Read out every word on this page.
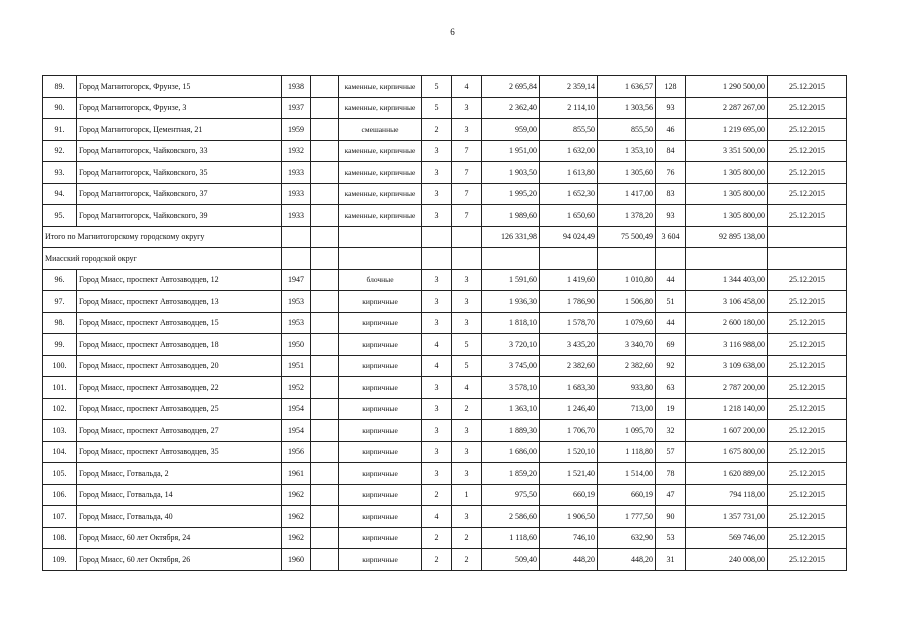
6
89.	Город Магнитогорск, Фрунзе, 15	1938		каменные, кирпичные	5	4	2 695,84	2 359,14	1 636,57	128	1 290 500,00	25.12.2015
90.	Город Магнитогорск, Фрунзе, 3	1937		каменные, кирпичные	5	3	2 362,40	2 114,10	1 303,56	93	2 287 267,00	25.12.2015
91.	Город Магнитогорск, Цементная, 21	1959		смешанные	2	3	959,00	855,50	855,50	46	1 219 695,00	25.12.2015
92.	Город Магнитогорск, Чайковского, 33	1932		каменные, кирпичные	3	7	1 951,00	1 632,00	1 353,10	84	3 351 500,00	25.12.2015
93.	Город Магнитогорск, Чайковского, 35	1933		каменные, кирпичные	3	7	1 903,50	1 613,80	1 305,60	76	1 305 800,00	25.12.2015
94.	Город Магнитогорск, Чайковского, 37	1933		каменные, кирпичные	3	7	1 995,20	1 652,30	1 417,00	83	1 305 800,00	25.12.2015
95.	Город Магнитогорск, Чайковского, 39	1933		каменные, кирпичные	3	7	1 989,60	1 650,60	1 378,20	93	1 305 800,00	25.12.2015
Итого по Магнитогорскому городскому округу							126 331,98	94 024,49	75 500,49	3 604	92 895 138,00	
Миасский городской округ												
96.	Город Миасс, проспект Автозаводцев, 12	1947		блочные	3	3	1 591,60	1 419,60	1 010,80	44	1 344 403,00	25.12.2015
97.	Город Миасс, проспект Автозаводцев, 13	1953		кирпичные	3	3	1 936,30	1 786,90	1 506,80	51	3 106 458,00	25.12.2015
98.	Город Миасс, проспект Автозаводцев, 15	1953		кирпичные	3	3	1 818,10	1 578,70	1 079,60	44	2 600 180,00	25.12.2015
99.	Город Миасс, проспект Автозаводцев, 18	1950		кирпичные	4	5	3 720,10	3 435,20	3 340,70	69	3 116 988,00	25.12.2015
100.	Город Миасс, проспект Автозаводцев, 20	1951		кирпичные	4	5	3 745,00	2 382,60	2 382,60	92	3 109 638,00	25.12.2015
101.	Город Миасс, проспект Автозаводцев, 22	1952		кирпичные	3	4	3 578,10	1 683,30	933,80	63	2 787 200,00	25.12.2015
102.	Город Миасс, проспект Автозаводцев, 25	1954		кирпичные	3	2	1 363,10	1 246,40	713,00	19	1 218 140,00	25.12.2015
103.	Город Миасс, проспект Автозаводцев, 27	1954		кирпичные	3	3	1 889,30	1 706,70	1 095,70	32	1 607 200,00	25.12.2015
104.	Город Миасс, проспект Автозаводцев, 35	1956		кирпичные	3	3	1 686,00	1 520,10	1 118,80	57	1 675 800,00	25.12.2015
105.	Город Миасс, Готвальда, 2	1961		кирпичные	3	3	1 859,20	1 521,40	1 514,00	78	1 620 889,00	25.12.2015
106.	Город Миасс, Готвальда, 14	1962		кирпичные	2	1	975,50	660,19	660,19	47	794 118,00	25.12.2015
107.	Город Миасс, Готвальда, 40	1962		кирпичные	4	3	2 586,60	1 906,50	1 777,50	90	1 357 731,00	25.12.2015
108.	Город Миасс, 60 лет Октября, 24	1962		кирпичные	2	2	1 118,60	746,10	632,90	53	569 746,00	25.12.2015
109.	Город Миасс, 60 лет Октября, 26	1960		кирпичные	2	2	509,40	448,20	448,20	31	240 008,00	25.12.2015
